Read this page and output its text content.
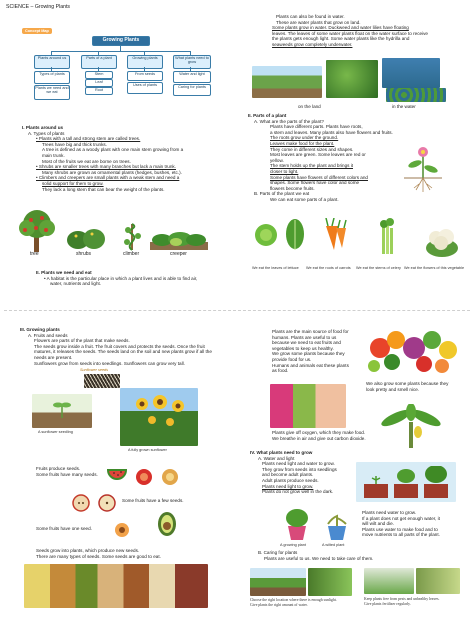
SCIENCE – Growing Plants
Concept Map
Growing Plants
Plants around us	Parts of a plant	Growing plants	What plants need to grow
Types of plants
Plants we need and we eat
Stem
Leaf
Root
From seeds
Uses of plants
Water and light
Caring for plants
I. Plants around us
A. Types of plants
• Plants with a tall and strong stem are called trees.
Trees have big and thick trunks.
A tree is defined as a woody plant with one main stem growing from a
main trunk.
Most of the fruits we eat are borne on trees.
• Shrubs are smaller trees with many branches but lack a main trunk.
Many shrubs are grown as ornamental plants (hedges, bushes, etc.).
• Climbers and creepers are small plants with a weak stem and need a
solid support for them to grow.
They lack a long stem that can bear the weight of the plants.
tree	shrubs	climber	creeper
II. Plants we need and eat
• A habitat is the particular place in which a plant lives and is able to find air,
water, nutrients and light.
Plants can also be found in water.
These are water plants that grow on land.
Some plants grow in water. Duckweed and water lilies have floating
leaves. The leaves of some water plants float on the water surface to receive
the plants gets enough light. Some water plants like the hydrilla and
seaweeds grow completely underwater.
on the land	in the water
II. Parts of a plant
A. What are the parts of the plant?
Plants have different parts. Plants have roots,
a stem and leaves. Many plants also have flowers and fruits.
The roots grow under the ground.
Leaves make food for the plant.
They come in different sizes and shapes.
Most leaves are green. Some leaves are red or
yellow.
The stem holds up the plant and brings it
closer to light.
Some plants have flowers of different colors and
shapes. Some flowers have color and some
flowers become fruits.
B. Parts of the plant we eat
We can eat some parts of a plant.
We eat the leaves of lettuce We eat the roots of carrots We eat the stems of celery We eat the flowers of this vegetable
III. Growing plants
A. Fruits and seeds
Flowers are parts of the plant that make seeds.
The seeds grow inside a fruit. The fruit covers and protects the seeds. Once the fruit
matures, it releases the seeds. The seeds land on the soil and new plants grow if all the
needs are present.
Sunflowers grow from seeds into seedlings. Sunflowers can grow very tall.
Sunflower seeds
A sunflower seedling
A fully grown sunflower
Fruits produce seeds.
Some fruits have many seeds.
Some fruits have a few seeds.
Some fruits have one seed.
Seeds grow into plants, which produce new seeds.
There are many types of seeds. Some seeds are good to eat.
Plants are the main source of food for
humans. Plants are useful to us
because we need to eat fruits and
vegetables to keep us healthy.
We grow some plants because they
provide food for us.
Humans and animals eat these plants
as food.
We also grow some plants because they
look pretty and smell nice.
Plants give off oxygen, which they make food.
We breathe in air and give out carbon dioxide.
IV. What plants need to grow
A. Water and light
Plants need light and water to grow.
They grow from seeds into seedlings
and become adult plants.
Adult plants produce seeds.
Plants need light to grow.
Plants do not grow well in the dark.
Plants need water to grow.
If a plant does not get enough water, it
will wilt and die.
Plants use water to make food and to
move nutrients to all parts of the plant.
A growing plant	A wilted plant
B. Caring for plants
Plants are useful to us. We need to take care of them.
Choose the right location where there is enough sunlight.
Give plants the right amount of water.
Keep plants free from pests and unhealthy leaves.
Give plants fertilizer regularly.
